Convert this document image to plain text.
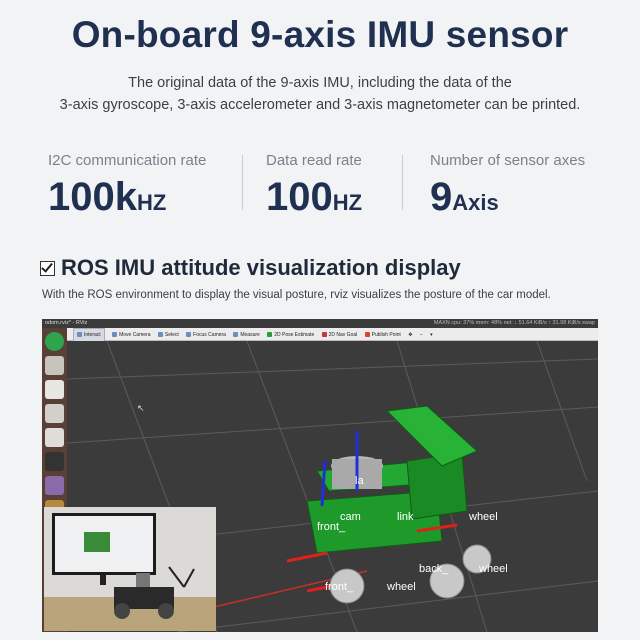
On-board 9-axis IMU sensor
The original data of the 9-axis IMU, including the data of the
3-axis gyroscope, 3-axis accelerometer and 3-axis magnetometer can be printed.
I2C communication rate
100kHZ
Data read rate
100HZ
Number of sensor axes
9Axis
ROS IMU attitude visualization display
With the ROS environment to display the visual posture, rviz visualizes the posture of the car model.
odom.rviz* - RViz	MAXN cpu: 37% mem: 48% net: ↓ 51.64 KiB/s ↑ 31.98 KiB/s swap
Interact	Move Camera	Select	Focus Camera	Measure	2D Pose Estimate	2D Nav Goal	Publish Point ✥ − ▾
↖
la
cam	link
front_
wheel
back_	wheel
front_	wheel
